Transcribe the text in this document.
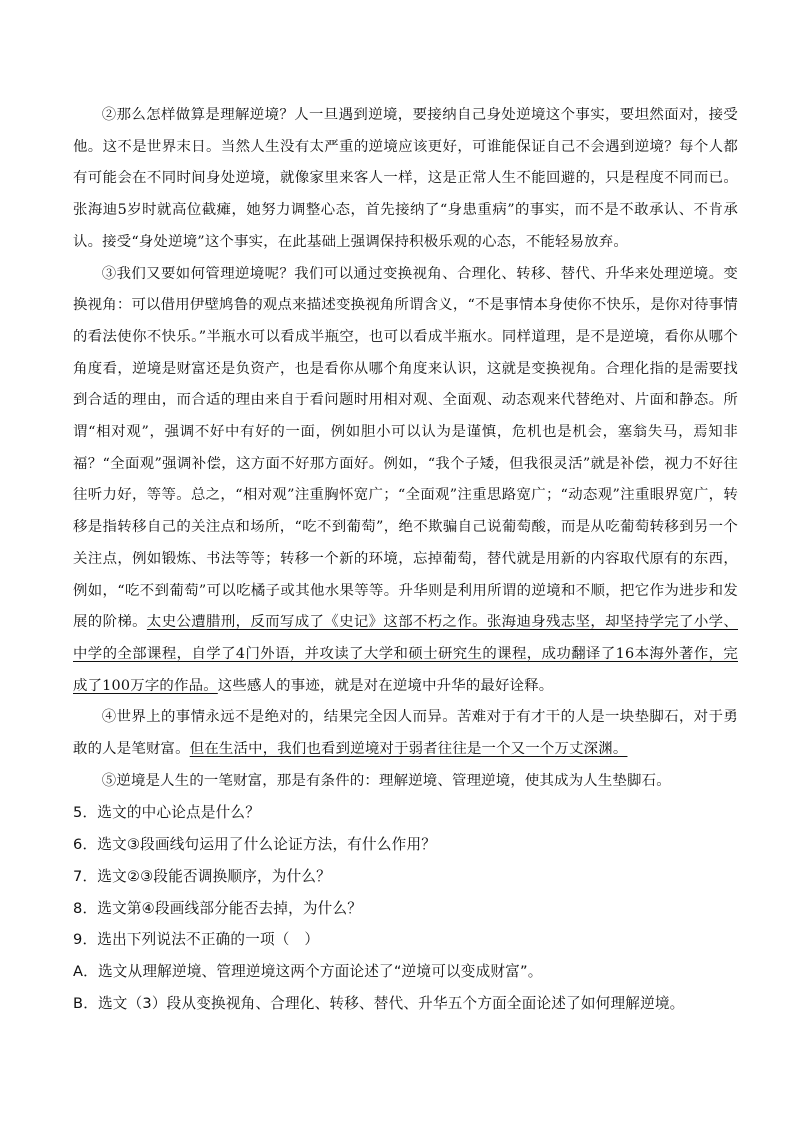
②那么怎样做算是理解逆境？人一旦遇到逆境，要接纳自己身处逆境这个事实，要坦然面对，接受他。这不是世界末日。当然人生没有太严重的逆境应该更好，可谁能保证自己不会遇到逆境？每个人都有可能会在不同时间身处逆境，就像家里来客人一样，这是正常人生不能回避的，只是程度不同而已。张海迪5岁时就高位截瘫，她努力调整心态，首先接纳了“身患重病”的事实，而不是不敢承认、不肯承认。接受“身处逆境”这个事实，在此基础上强调保持积极乐观的心态，不能轻易放弃。

③我们又要如何管理逆境呢？我们可以通过变换视角、合理化、转移、替代、升华来处理逆境。变换视角：可以借用伊壁鸠鲁的观点来描述变换视角所谓含义，“不是事情本身使你不快乐，是你对待事情的看法使你不快乐。”半瓶水可以看成半瓶空，也可以看成半瓶水。同样道理，是不是逆境，看你从哪个角度看，逆境是财富还是负资产，也是看你从哪个角度来认识，这就是变换视角。合理化指的是需要找到合适的理由，而合适的理由来自于看问题时用相对观、全面观、动态观来代替绝对、片面和静态。所谓“相对观”，强调不好中有好的一面，例如胆小可以认为是谨慎，危机也是机会，塞翁失马，焉知非福？“全面观”强调补偿，这方面不好那方面好。例如，“我个子矮，但我很灵活”就是补偿，视力不好往往听力好，等等。总之，“相对观”注重胸怀宽广；“全面观”注重思路宽广；“动态观”注重眼界宽广，转移是指转移自己的关注点和场所，“吃不到葡萄”，绝不欺骗自己说葡萄酸，而是从吃葡萄转移到另一个关注点，例如锻炼、书法等等；转移一个新的环境，忘掉葡萄，替代就是用新的内容取代原有的东西，例如，“吃不到葡萄”可以吃橘子或其他水果等等。升华则是利用所谓的逆境和不顺，把它作为进步和发展的阶梯。太史公遭腊刑，反而写成了《史记》这部不朽之作。张海迪身残志坚，却坚持学完了小学、中学的全部课程，自学了4门外语，并攻读了大学和硕士研究生的课程，成功翻译了16本海外著作，完成了100万字的作品。这些感人的事迹，就是对在逆境中升华的最好诠释。

④世界上的事情永远不是绝对的，结果完全因人而异。苦难对于有才干的人是一块垫脚石，对于勇敢的人是笔财富。但在生活中，我们也看到逆境对于弱者往往是一个又一个万丈深渊。

⑤逆境是人生的一笔财富，那是有条件的：理解逆境、管理逆境，使其成为人生垫脚石。

5．选文的中心论点是什么？

6．选文③段画线句运用了什么论证方法，有什么作用？

7．选文②③段能否调换顺序，为什么？

8．选文第④段画线部分能否去掉，为什么？

9．选出下列说法不正确的一项（　）

A．选文从理解逆境、管理逆境这两个方面论述了“逆境可以变成财富”。

B．选文（3）段从变换视角、合理化、转移、替代、升华五个方面全面论述了如何理解逆境。
